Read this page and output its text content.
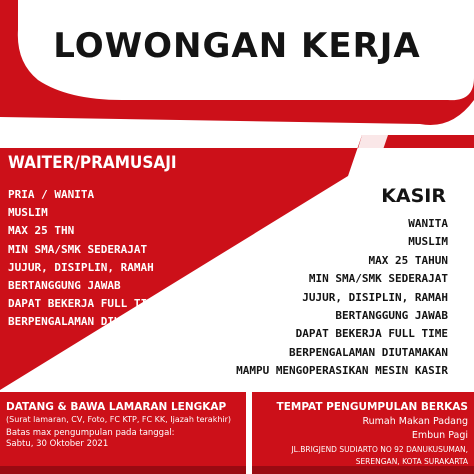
LOWONGAN KERJA
WAITER/PRAMUSAJI
PRIA / WANITA
MUSLIM
MAX 25 THN
MIN SMA/SMK SEDERAJAT
JUJUR, DISIPLIN, RAMAH
BERTANGGUNG JAWAB
DAPAT BEKERJA FULL TIME
BERPENGALAMAN DIUTAMAKAN
KASIR
WANITA
MUSLIM
MAX 25 TAHUN
MIN SMA/SMK SEDERAJAT
JUJUR, DISIPLIN, RAMAH
BERTANGGUNG JAWAB
DAPAT BEKERJA FULL TIME
BERPENGALAMAN DIUTAMAKAN
MAMPU MENGOPERASIKAN MESIN KASIR
DATANG & BAWA LAMARAN LENGKAP
(Surat lamaran, CV, Foto, FC KTP, FC KK, Ijazah terakhir)
Batas max pengumpulan pada tanggal:
Sabtu, 30 Oktober 2021
TEMPAT PENGUMPULAN BERKAS
Rumah Makan Padang
Embun Pagi
JL.BRIGJEND SUDIARTO NO 92 DANUKUSUMAN,
SERENGAN, KOTA SURAKARTA
